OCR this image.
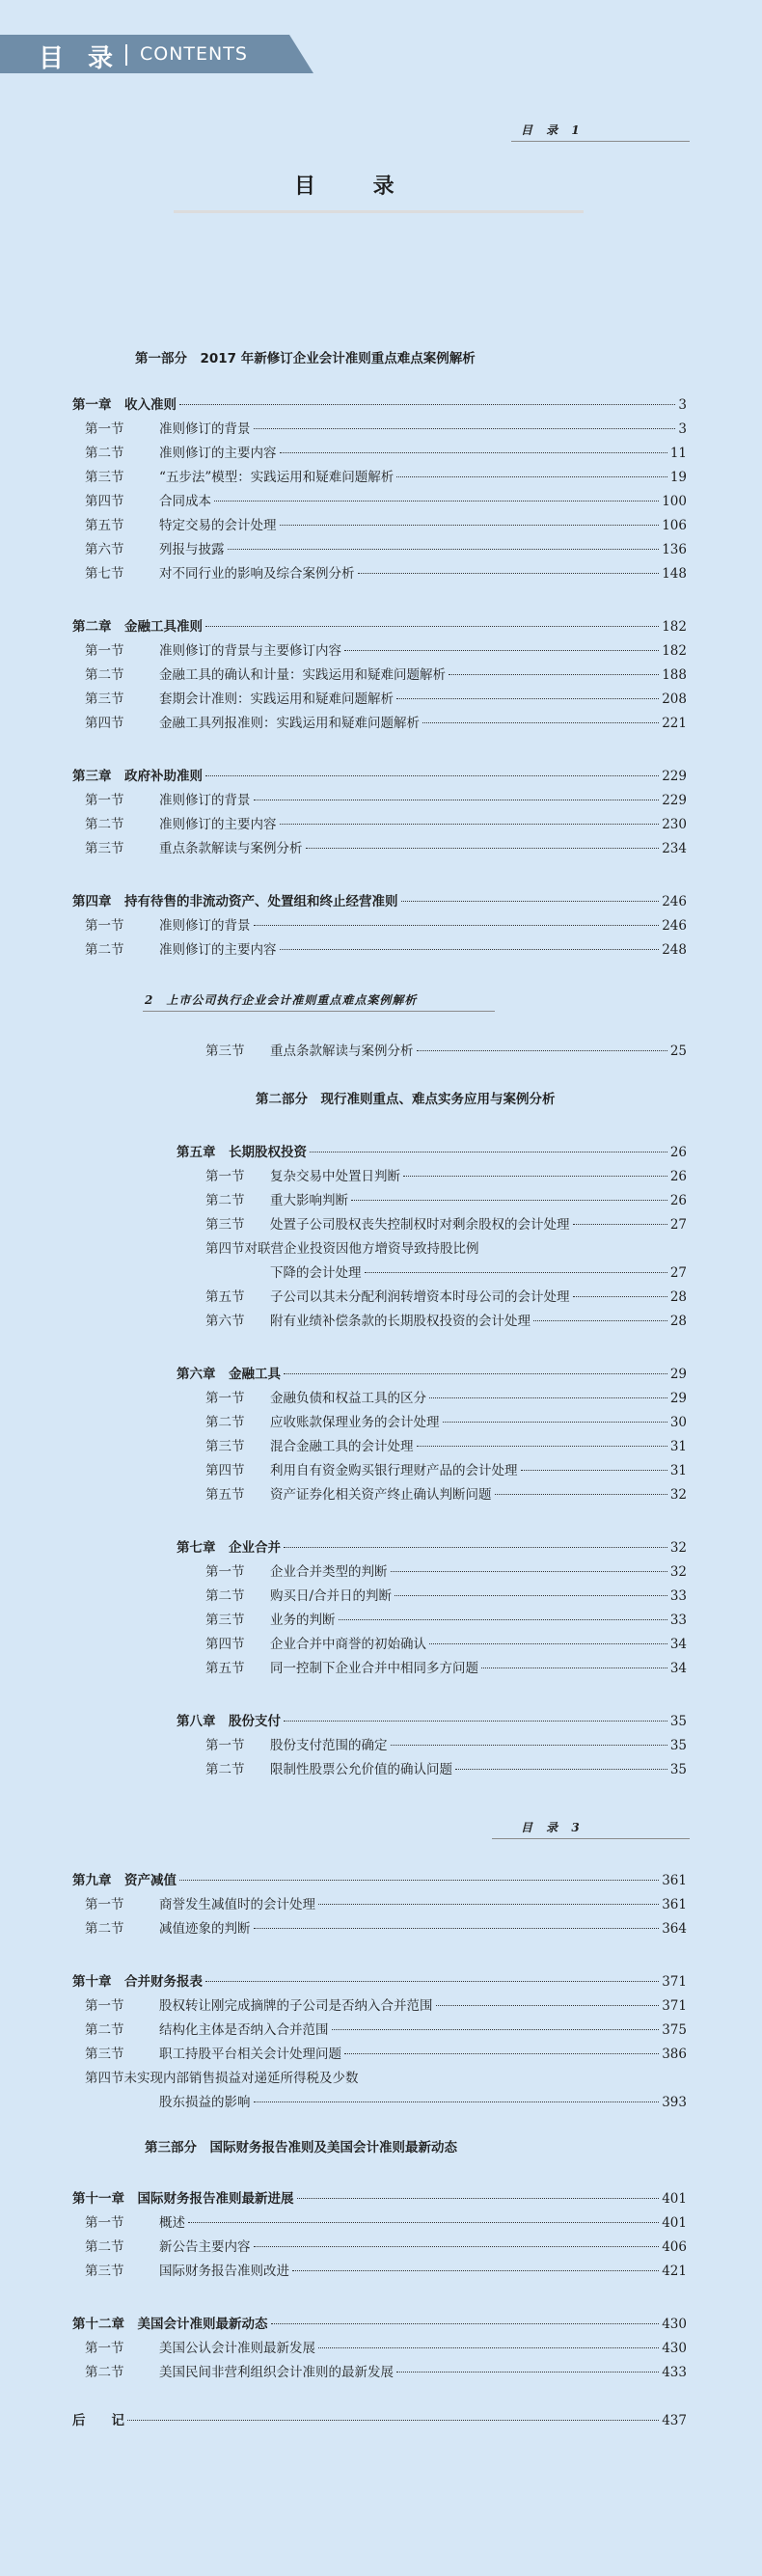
目 录 CONTENTS
目 录 1
目 录
第一部分　2017 年新修订企业会计准则重点难点案例解析
第一章　收入准则	3
第一节	准则修订的背景	3
第二节	准则修订的主要内容	11
第三节	“五步法”模型：实践运用和疑难问题解析	19
第四节	合同成本	100
第五节	特定交易的会计处理	106
第六节	列报与披露	136
第七节	对不同行业的影响及综合案例分析	148
第二章　金融工具准则	182
第一节	准则修订的背景与主要修订内容	182
第二节	金融工具的确认和计量：实践运用和疑难问题解析	188
第三节	套期会计准则：实践运用和疑难问题解析	208
第四节	金融工具列报准则：实践运用和疑难问题解析	221
第三章　政府补助准则	229
第一节	准则修订的背景	229
第二节	准则修订的主要内容	230
第三节	重点条款解读与案例分析	234
第四章　持有待售的非流动资产、处置组和终止经营准则	246
第一节	准则修订的背景	246
第二节	准则修订的主要内容	248
2　上市公司执行企业会计准则重点难点案例解析
第二部分　现行准则重点、难点实务应用与案例分析
第三节	重点条款解读与案例分析	25
第五章　长期股权投资	26
第一节	复杂交易中处置日判断	26
第二节	重大影响判断	26
第三节	处置子公司股权丧失控制权时对剩余股权的会计处理	27
第四节对联营企业投资因他方增资导致持股比例
下降的会计处理	27
第五节	子公司以其未分配利润转增资本时母公司的会计处理	28
第六节	附有业绩补偿条款的长期股权投资的会计处理	28
第六章　金融工具	29
第一节	金融负债和权益工具的区分	29
第二节	应收账款保理业务的会计处理	30
第三节	混合金融工具的会计处理	31
第四节	利用自有资金购买银行理财产品的会计处理	31
第五节	资产证券化相关资产终止确认判断问题	32
第七章　企业合并	32
第一节	企业合并类型的判断	32
第二节	购买日/合并日的判断	33
第三节	业务的判断	33
第四节	企业合并中商誉的初始确认	34
第五节	同一控制下企业合并中相同多方问题	34
第八章　股份支付	35
第一节	股份支付范围的确定	35
第二节	限制性股票公允价值的确认问题	35
目 录 3
第三部分　国际财务报告准则及美国会计准则最新动态
第九章　资产减值	361
第一节	商誉发生减值时的会计处理	361
第二节	减值迹象的判断	364
第十章　合并财务报表	371
第一节	股权转让刚完成摘牌的子公司是否纳入合并范围	371
第二节	结构化主体是否纳入合并范围	375
第三节	职工持股平台相关会计处理问题	386
第四节未实现内部销售损益对递延所得税及少数
股东损益的影响	393
第十一章　国际财务报告准则最新进展	401
第一节	概述	401
第二节	新公告主要内容	406
第三节	国际财务报告准则改进	421
第十二章　美国会计准则最新动态	430
第一节	美国公认会计准则最新发展	430
第二节	美国民间非营利组织会计准则的最新发展	433
后　　记	437
